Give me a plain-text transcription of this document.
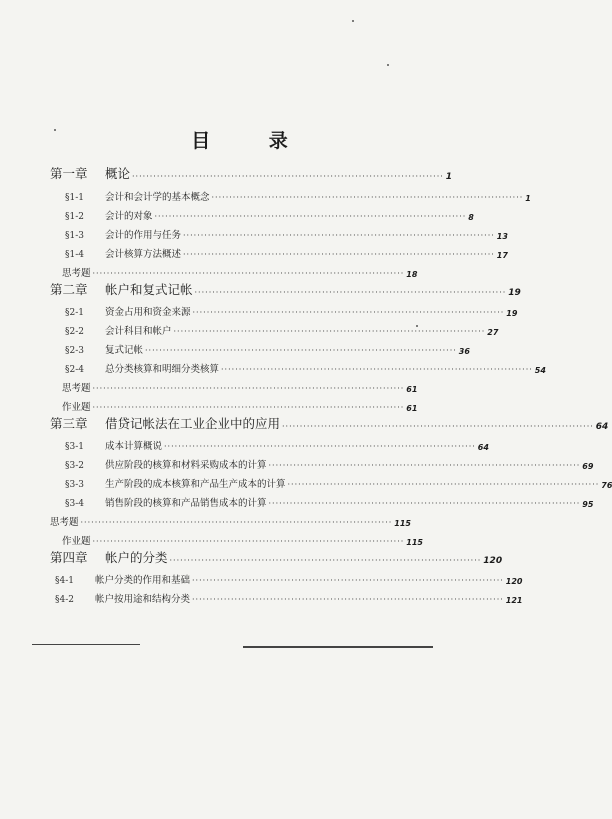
目 录
第一章	概论 ························································································ 1
§1-1	会计和会计学的基本概念 ························································································ 1
§1-2	会计的对象 ························································································ 8
§1-3	会计的作用与任务 ························································································ 13
§1-4	会计核算方法概述 ························································································ 17
思考题 ························································································ 18
第二章	帐户和复式记帐 ························································································ 19
§2-1	资金占用和资金来源 ························································································ 19
§2-2	会计科目和帐户 ························································································ 27
§2-3	复式记帐 ························································································ 36
§2-4	总分类核算和明细分类核算 ························································································ 54
思考题 ························································································ 61
作业题 ························································································ 61
第三章	借贷记帐法在工业企业中的应用 ························································································ 64
§3-1	成本计算概说 ························································································ 64
§3-2	供应阶段的核算和材料采购成本的计算 ························································································ 69
§3-3	生产阶段的成本核算和产品生产成本的计算 ························································································ 76
§3-4	销售阶段的核算和产品销售成本的计算 ························································································ 95
思考题 ························································································ 115
作业题 ························································································ 115
第四章	帐户的分类 ························································································ 120
§4-1	帐户分类的作用和基础 ························································································ 120
§4-2	帐户按用途和结构分类 ························································································ 121
